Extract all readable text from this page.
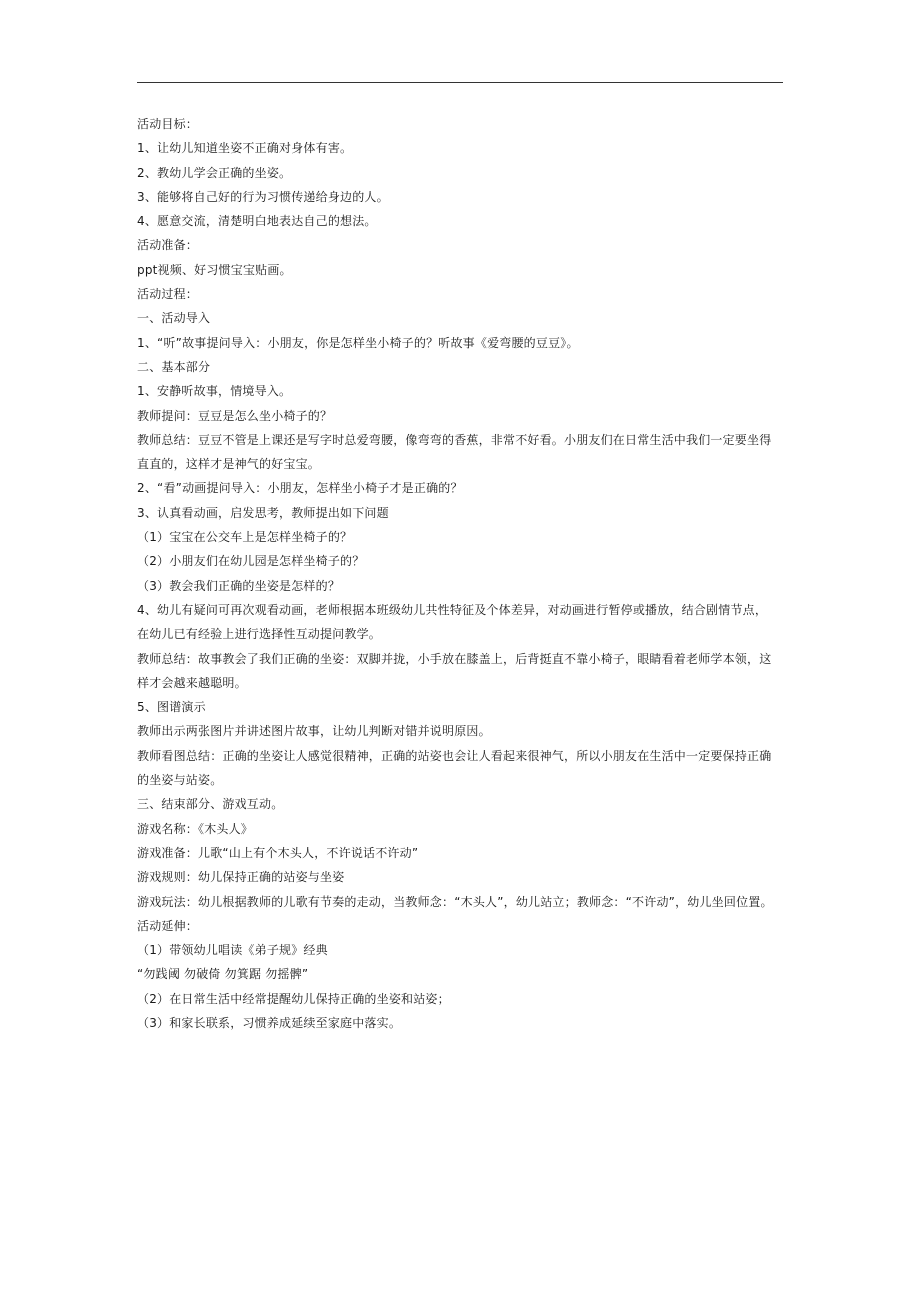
活动目标：
1、让幼儿知道坐姿不正确对身体有害。
2、教幼儿学会正确的坐姿。
3、能够将自己好的行为习惯传递给身边的人。
4、愿意交流，清楚明白地表达自己的想法。
活动准备：
ppt视频、好习惯宝宝贴画。
活动过程：
一、活动导入
1、“听”故事提问导入：小朋友，你是怎样坐小椅子的？听故事《爱弯腰的豆豆》。
二、基本部分
1、安静听故事，情境导入。
教师提问：豆豆是怎么坐小椅子的？
教师总结：豆豆不管是上课还是写字时总爱弯腰，像弯弯的香蕉，非常不好看。小朋友们在日常生活中我们一定要坐得
直直的，这样才是神气的好宝宝。
2、“看”动画提问导入：小朋友，怎样坐小椅子才是正确的？
3、认真看动画，启发思考，教师提出如下问题
（1）宝宝在公交车上是怎样坐椅子的？
（2）小朋友们在幼儿园是怎样坐椅子的？
（3）教会我们正确的坐姿是怎样的？
4、幼儿有疑问可再次观看动画，老师根据本班级幼儿共性特征及个体差异，对动画进行暂停或播放，结合剧情节点，
在幼儿已有经验上进行选择性互动提问教学。
教师总结：故事教会了我们正确的坐姿：双脚并拢，小手放在膝盖上，后背挺直不靠小椅子，眼睛看着老师学本领，这
样才会越来越聪明。
5、图谱演示
教师出示两张图片并讲述图片故事，让幼儿判断对错并说明原因。
教师看图总结：正确的坐姿让人感觉很精神，正确的站姿也会让人看起来很神气，所以小朋友在生活中一定要保持正确
的坐姿与站姿。
三、结束部分、游戏互动。
游戏名称：《木头人》
游戏准备：儿歌“山上有个木头人，不许说话不许动”
游戏规则：幼儿保持正确的站姿与坐姿
游戏玩法：幼儿根据教师的儿歌有节奏的走动，当教师念：“木头人”，幼儿站立；教师念：“不许动”，幼儿坐回位置。
活动延伸：
（1）带领幼儿唱读《弟子规》经典
“勿践阈 勿破倚 勿箕踞 勿摇髀”
（2）在日常生活中经常提醒幼儿保持正确的坐姿和站姿；
（3）和家长联系，习惯养成延续至家庭中落实。
